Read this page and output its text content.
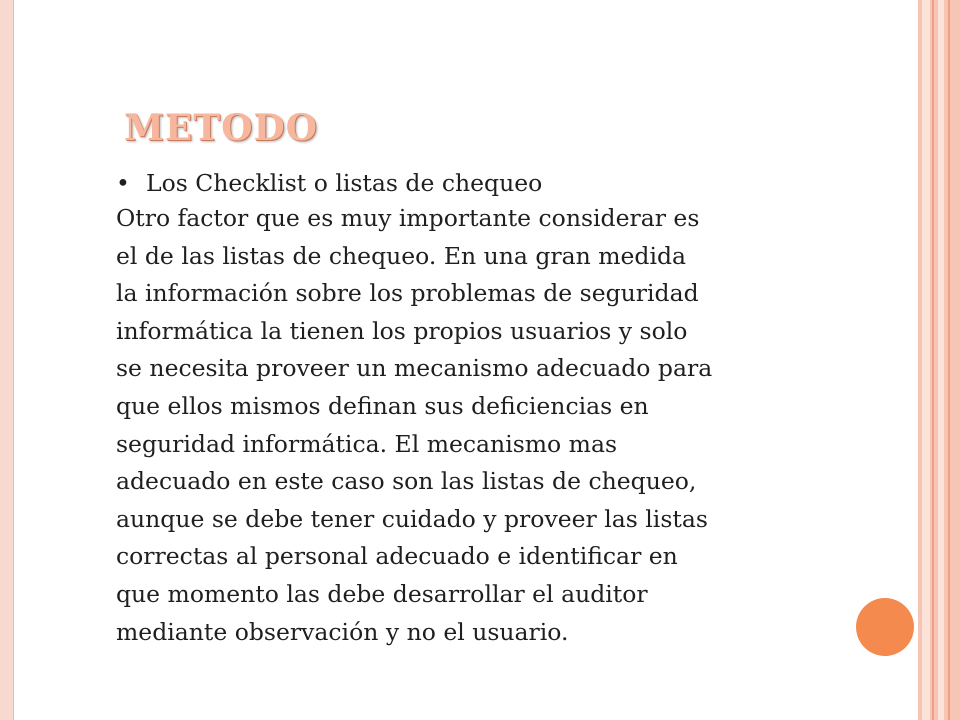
METODO
• Los Checklist o listas de chequeo

Otro factor que es muy importante considerar es
el de las listas de chequeo. En una gran medida
la información sobre los problemas de seguridad
informática la tienen los propios usuarios y solo
se necesita proveer un mecanismo adecuado para
que ellos mismos definan sus deficiencias en
seguridad informática. El mecanismo mas
adecuado en este caso son las listas de chequeo,
aunque se debe tener cuidado y proveer las listas
correctas al personal adecuado e identificar en
que momento las debe desarrollar el auditor
mediante observación y no el usuario.
